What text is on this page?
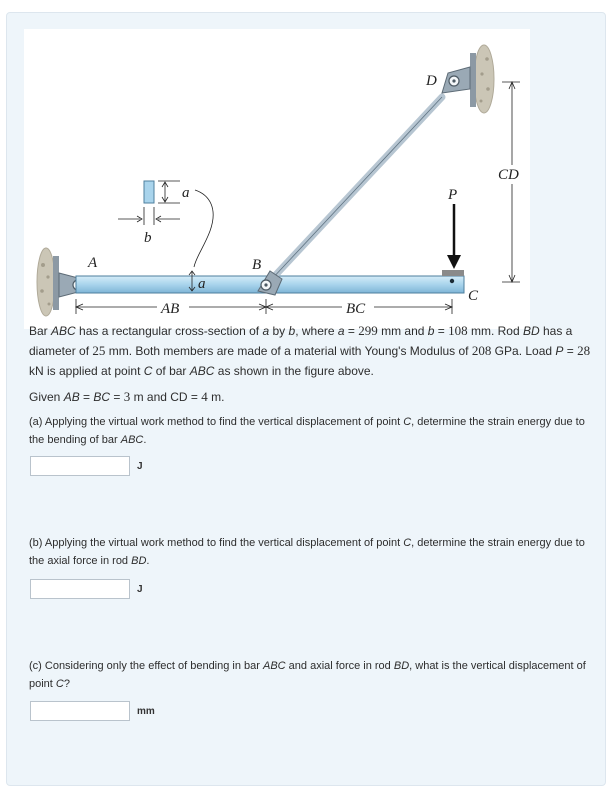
A	B
C
D
P
AB	BC
CD
a
a
b
Bar ABC has a rectangular cross-section of a by b, where a = 299 mm and b = 108 mm. Rod BD has a
diameter of 25 mm. Both members are made of a material with Young's Modulus of 208 GPa. Load P = 28
kN is applied at point C of bar ABC as shown in the figure above.
Given AB = BC = 3 m and CD = 4 m.
(a) Applying the virtual work method to find the vertical displacement of point C, determine the strain energy due to
the bending of bar ABC.
J
(b) Applying the virtual work method to find the vertical displacement of point C, determine the strain energy due to
the axial force in rod BD.
J
(c) Considering only the effect of bending in bar ABC and axial force in rod BD, what is the vertical displacement of
point C?
mm
